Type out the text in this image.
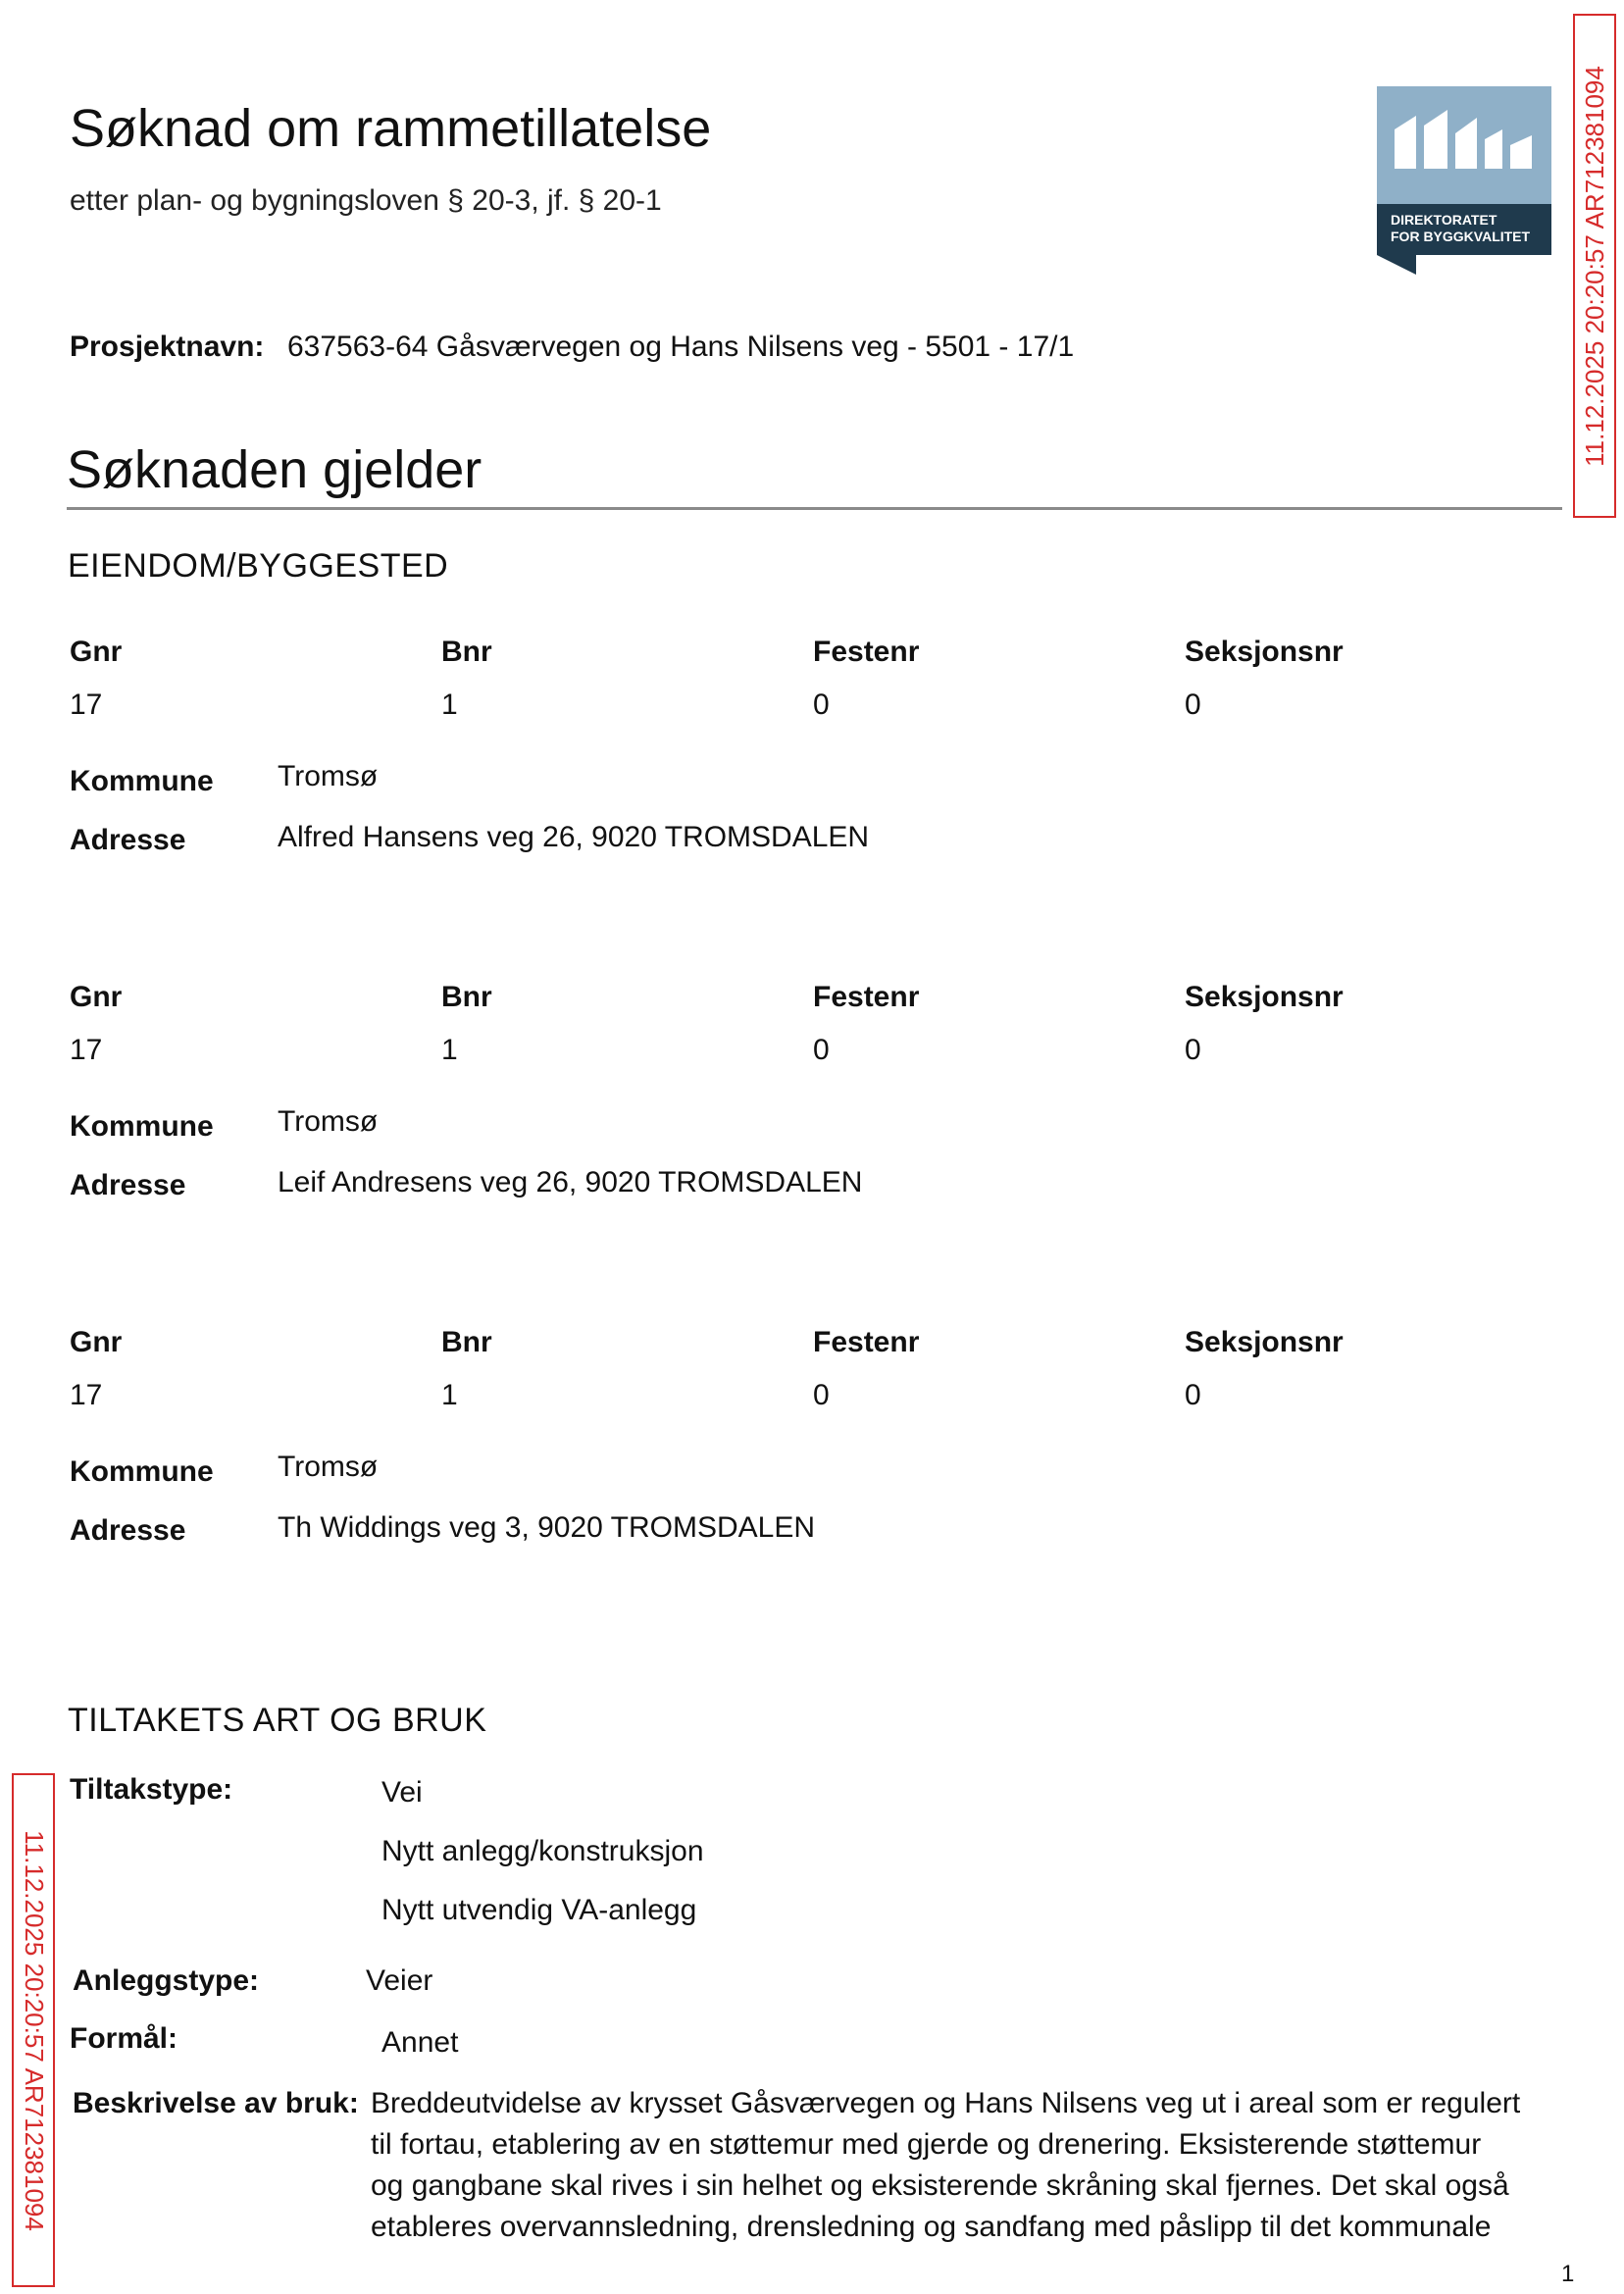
11.12.2025 20:20:57 AR712381094
11.12.2025 20:20:57 AR712381094
DIREKTORATET
FOR BYGGKVALITET
Søknad om rammetillatelse
etter plan- og bygningsloven § 20-3, jf. § 20-1
Prosjektnavn: 637563-64 Gåsværvegen og Hans Nilsens veg - 5501 - 17/1
Søknaden gjelder
EIENDOM/BYGGESTED
Gnr	Bnr	Festenr	Seksjonsnr
17	1	0	0
Kommune Tromsø
Adresse	Alfred Hansens veg 26, 9020 TROMSDALEN
Gnr	Bnr	Festenr	Seksjonsnr
17	1	0	0
Kommune Tromsø
Adresse	Leif Andresens veg 26, 9020 TROMSDALEN
Gnr	Bnr	Festenr	Seksjonsnr
17	1	0	0
Kommune Tromsø
Adresse	Th Widdings veg 3, 9020 TROMSDALEN
TILTAKETS ART OG BRUK
Tiltakstype:	Vei
Nytt anlegg/konstruksjon
Nytt utvendig VA-anlegg
Anleggstype:	Veier
Formål:	Annet
Beskrivelse av bruk: Breddeutvidelse av krysset Gåsværvegen og Hans Nilsens veg ut i areal som er regulert
til fortau, etablering av en støttemur med gjerde og drenering. Eksisterende støttemur
og gangbane skal rives i sin helhet og eksisterende skråning skal fjernes. Det skal også
etableres overvannsledning, drensledning og sandfang med påslipp til det kommunale
1
